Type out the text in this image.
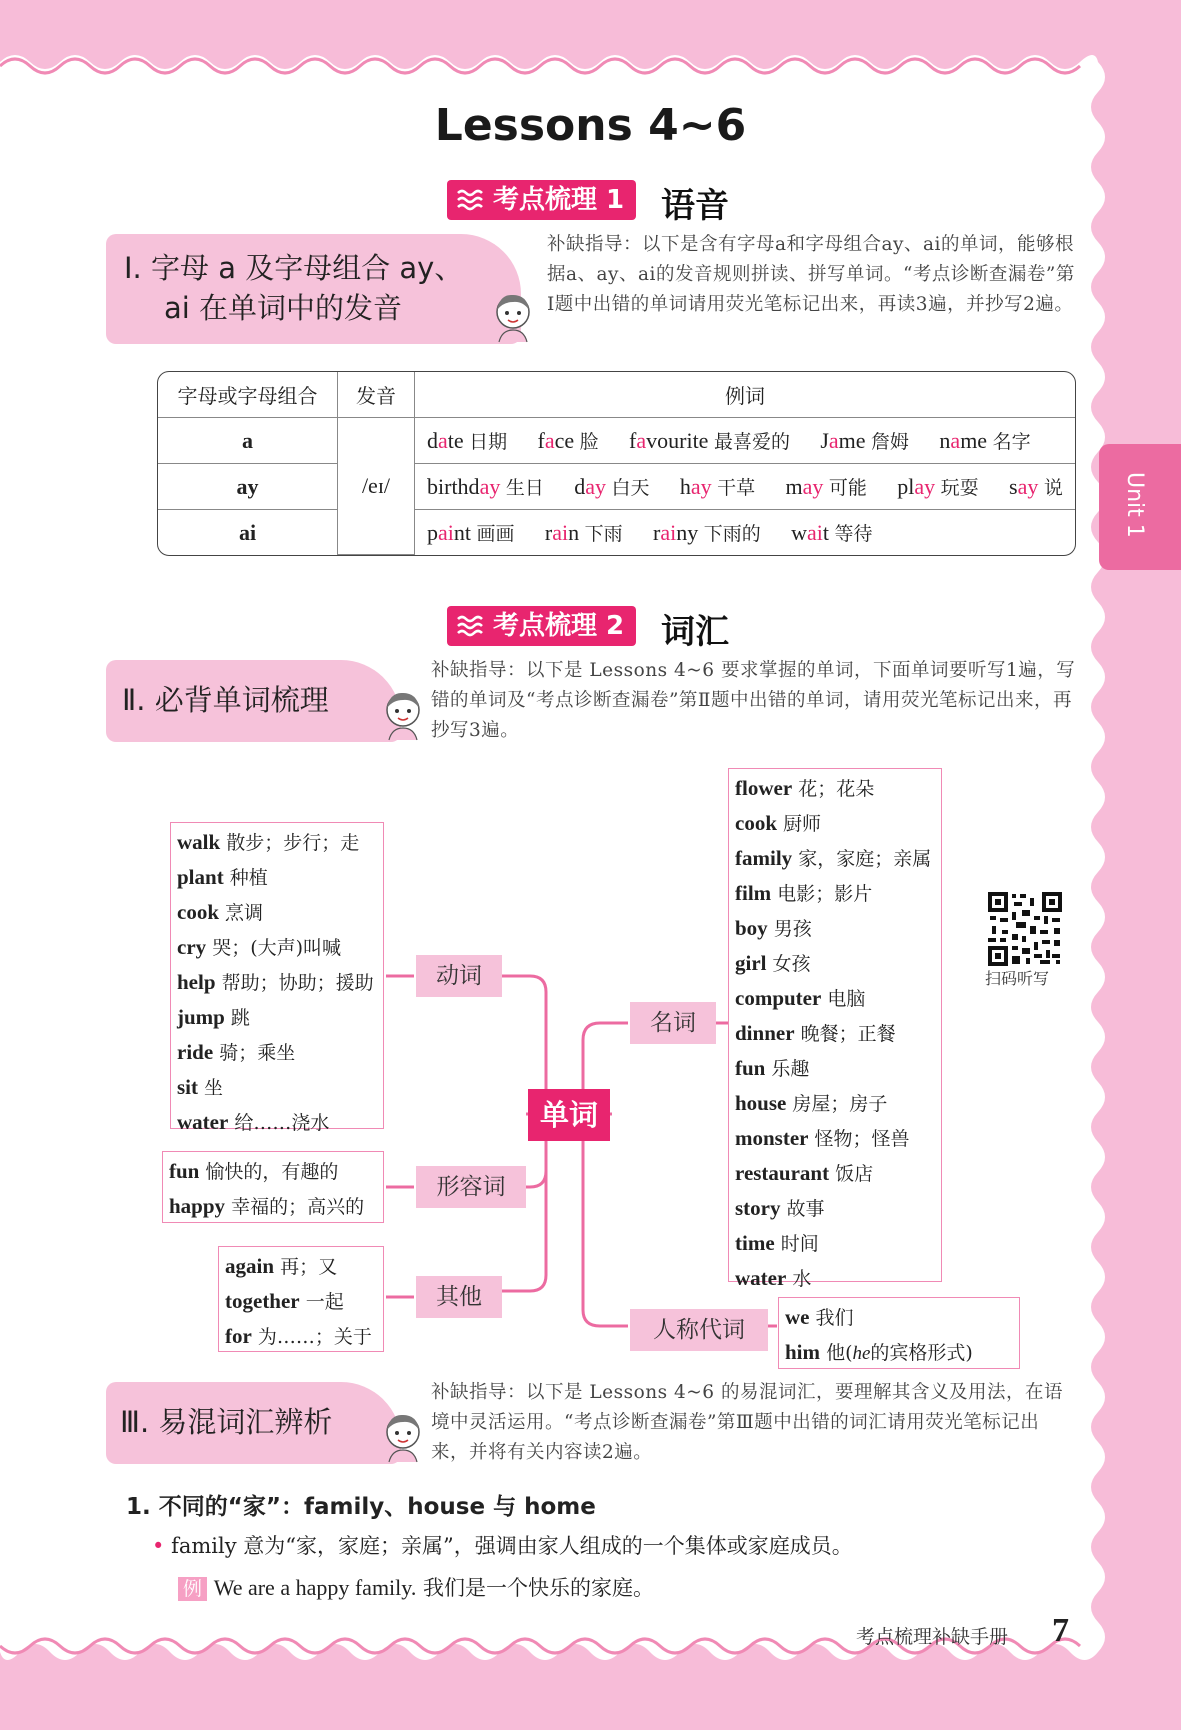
Lessons 4~6
考点梳理 1	语音
Ⅰ. 字母 a 及字母组合 ay、
ai 在单词中的发音
补缺指导：以下是含有字母a和字母组合ay、ai的单词，能够根据a、ay、ai的发音规则拼读、拼写单词。“考点诊断查漏卷”第Ⅰ题中出错的单词请用荧光笔标记出来，再读3遍，并抄写2遍。
字母或字母组合	发音	例词
a	/eɪ/	date 日期 face 脸 favourite 最喜爱的 Jame 詹姆 name 名字
ay		birthday 生日 day 白天 hay 干草 may 可能 play 玩耍 say 说
ai		paint 画画 rain 下雨 rainy 下雨的 wait 等待	Unit 1
考点梳理 2	词汇
Ⅱ. 必背单词梳理
补缺指导：以下是 Lessons 4~6 要求掌握的单词，下面单词要听写1遍，写错的单词及“考点诊断查漏卷”第Ⅱ题中出错的单词，请用荧光笔标记出来，再抄写3遍。
walk 散步；步行；走
plant 种植
cook 烹调
cry 哭；(大声)叫喊
help 帮助；协助；援助
jump 跳
ride 骑；乘坐
sit 坐
water 给……浇水
fun 愉快的，有趣的
happy 幸福的；高兴的
again 再；又
together 一起
for 为……；关于
动词
形容词
其他
名词
人称代词
单词
flower 花；花朵
cook 厨师
family 家，家庭；亲属
film 电影；影片
boy 男孩
girl 女孩
computer 电脑
dinner 晚餐；正餐
fun 乐趣
house 房屋；房子
monster 怪物；怪兽
restaurant 饭店
story 故事
time 时间
water 水
we 我们
him 他(he的宾格形式)
扫码听写
Ⅲ. 易混词汇辨析
补缺指导：以下是 Lessons 4~6 的易混词汇，要理解其含义及用法，在语境中灵活运用。“考点诊断查漏卷”第Ⅲ题中出错的词汇请用荧光笔标记出来，并将有关内容读2遍。
1. 不同的“家”：family、house 与 home
• family 意为“家，家庭；亲属”，强调由家人组成的一个集体或家庭成员。
例 We are a happy family. 我们是一个快乐的家庭。
考点梳理补缺手册 7
